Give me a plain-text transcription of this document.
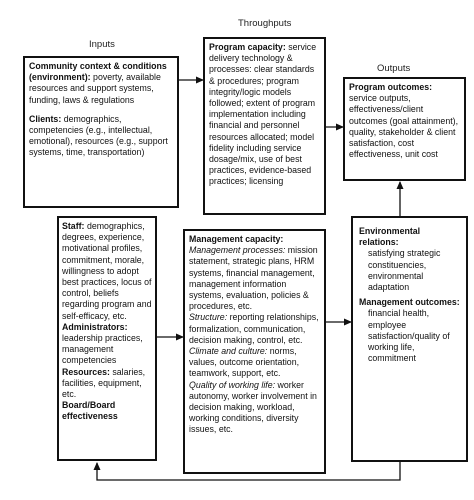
Inputs
Throughputs
Outputs

Community context & conditions (environment): poverty, available resources and support systems, funding, laws & regulations

Clients: demographics, competencies (e.g., intellectual, emotional), resources (e.g., support systems, time, transportation)

Staff: demographics, degrees, experience, motivational profiles, commitment, morale, willingness to adopt best practices, locus of control, beliefs regarding program and self-efficacy, etc.

Administrators: leadership practices, management competencies

Resources: salaries, facilities, equipment, etc.

Board/Board effectiveness

Program capacity: service delivery technology & processes: clear standards & procedures; program integrity/logic models followed; extent of program implementation including financial and personnel resources allocated; model fidelity including service dosage/mix, use of best practices, evidence-based practices; licensing

Management capacity:

Management processes: mission statement, strategic plans, HRM systems, financial management, management information systems, evaluation, policies & procedures, etc.

Structure: reporting relationships, formalization, communication, decision making, control, etc.

Climate and culture: norms, values, outcome orientation, teamwork, support, etc.

Quality of working life: worker autonomy, worker involvement in decision making, workload, working conditions, diversity issues, etc.

Program outcomes: service outputs, effectiveness/client outcomes (goal attainment), quality, stakeholder & client satisfaction, cost effectiveness, unit cost

Environmental relations:

satisfying strategic constituencies, environmental adaptation

Management outcomes:

financial health, employee satisfaction/quality of working life, commitment
